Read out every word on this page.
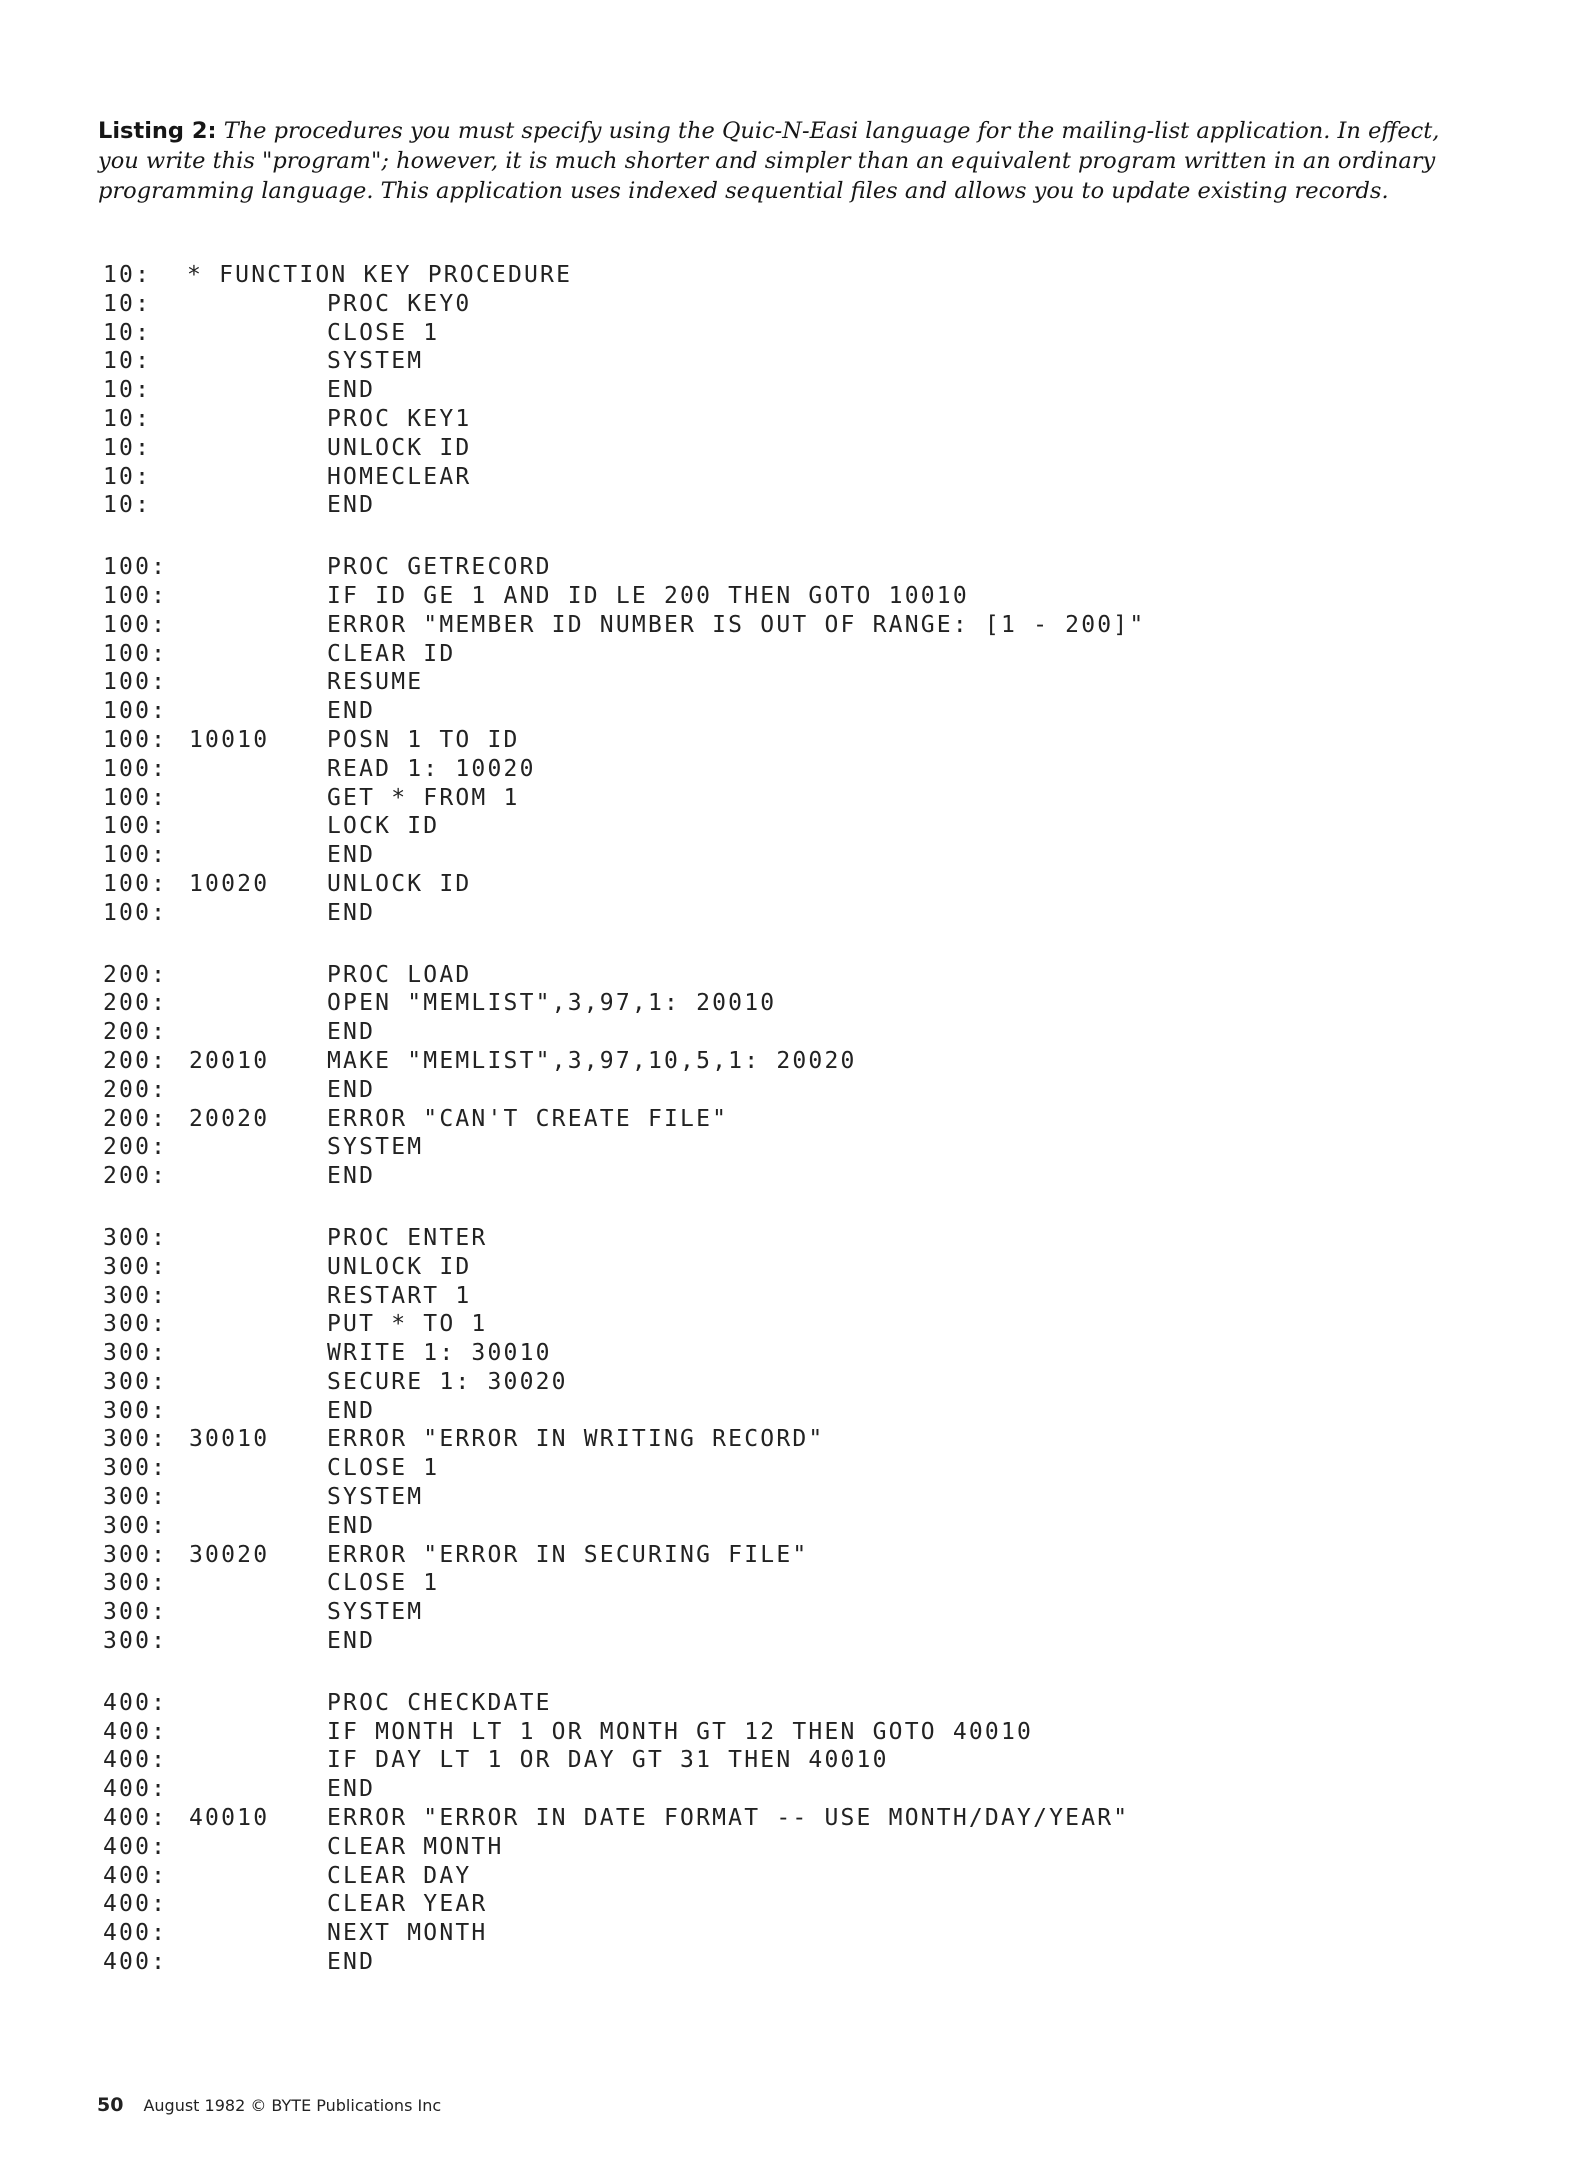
Listing 2: The procedures you must specify using the Quic-N-Easi language for the mailing-list application. In effect, you write this "program"; however, it is much shorter and simpler than an equivalent program written in an ordinary programming language. This application uses indexed sequential files and allows you to update existing records.
10: * FUNCTION KEY PROCEDURE
10:	PROC KEY0
10:	CLOSE 1
10:	SYSTEM
10:	END
10:	PROC KEY1
10:	UNLOCK ID
10:	HOMECLEAR
10:	END
100:	PROC GETRECORD
100:	IF ID GE 1 AND ID LE 200 THEN GOTO 10010
100:	ERROR "MEMBER ID NUMBER IS OUT OF RANGE: [1 - 200]"
100:	CLEAR ID
100:	RESUME
100:	END
100: 10010	POSN 1 TO ID
100:	READ 1: 10020
100:	GET * FROM 1
100:	LOCK ID
100:	END
100: 10020	UNLOCK ID
100:	END
200:	PROC LOAD
200:	OPEN "MEMLIST",3,97,1: 20010
200:	END
200: 20010	MAKE "MEMLIST",3,97,10,5,1: 20020
200:	END
200: 20020	ERROR "CAN'T CREATE FILE"
200:	SYSTEM
200:	END
300:	PROC ENTER
300:	UNLOCK ID
300:	RESTART 1
300:	PUT * TO 1
300:	WRITE 1: 30010
300:	SECURE 1: 30020
300:	END
300: 30010	ERROR "ERROR IN WRITING RECORD"
300:	CLOSE 1
300:	SYSTEM
300:	END
300: 30020	ERROR "ERROR IN SECURING FILE"
300:	CLOSE 1
300:	SYSTEM
300:	END
400:	PROC CHECKDATE
400:	IF MONTH LT 1 OR MONTH GT 12 THEN GOTO 40010
400:	IF DAY LT 1 OR DAY GT 31 THEN 40010
400:	END
400: 40010	ERROR "ERROR IN DATE FORMAT -- USE MONTH/DAY/YEAR"
400:	CLEAR MONTH
400:	CLEAR DAY
400:	CLEAR YEAR
400:	NEXT MONTH
400:	END
50 August 1982 © BYTE Publications Inc
